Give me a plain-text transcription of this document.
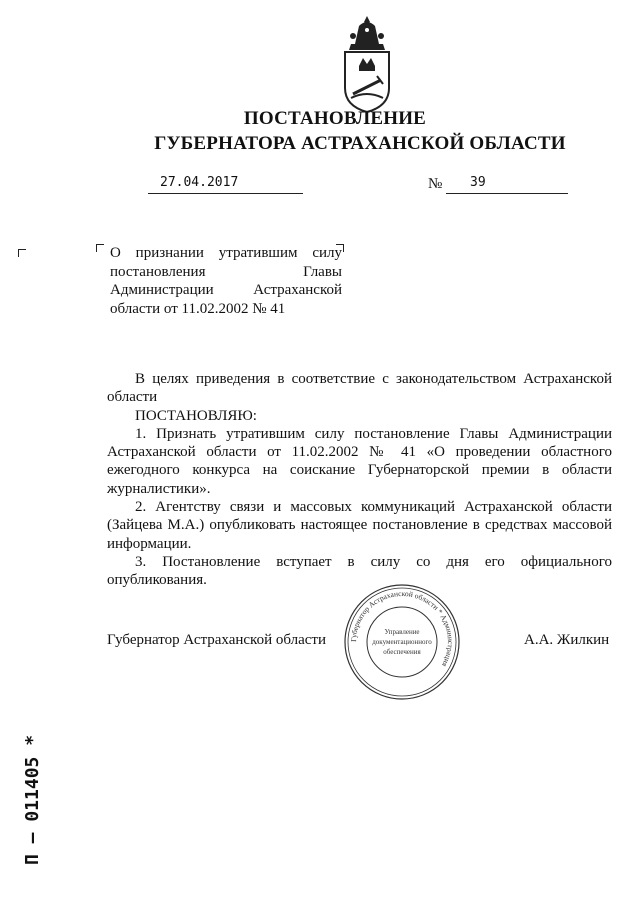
ПОСТАНОВЛЕНИЕ
ГУБЕРНАТОРА АСТРАХАНСКОЙ ОБЛАСТИ
27.04.2017	№ 39
О признании утратившим силу постановления Главы Администрации Астраханской области от 11.02.2002 № 41

В целях приведения в соответствие с законодательством Астраханской области

ПОСТАНОВЛЯЮ:

1. Признать утратившим силу постановление Главы Администрации Астраханской области от 11.02.2002 № 41 «О проведении областного ежегодного конкурса на соискание Губернаторской премии в области журналистики».

2. Агентству связи и массовых коммуникаций Астраханской области (Зайцева М.А.) опубликовать настоящее постановление в средствах массовой информации.

3. Постановление вступает в силу со дня его официального опубликования.

Губернатор Астраханской области	А.А. Жилкин
Губернатор Астраханской области * Администрация
Управление
документационного
обеспечения
П – 011405 *
